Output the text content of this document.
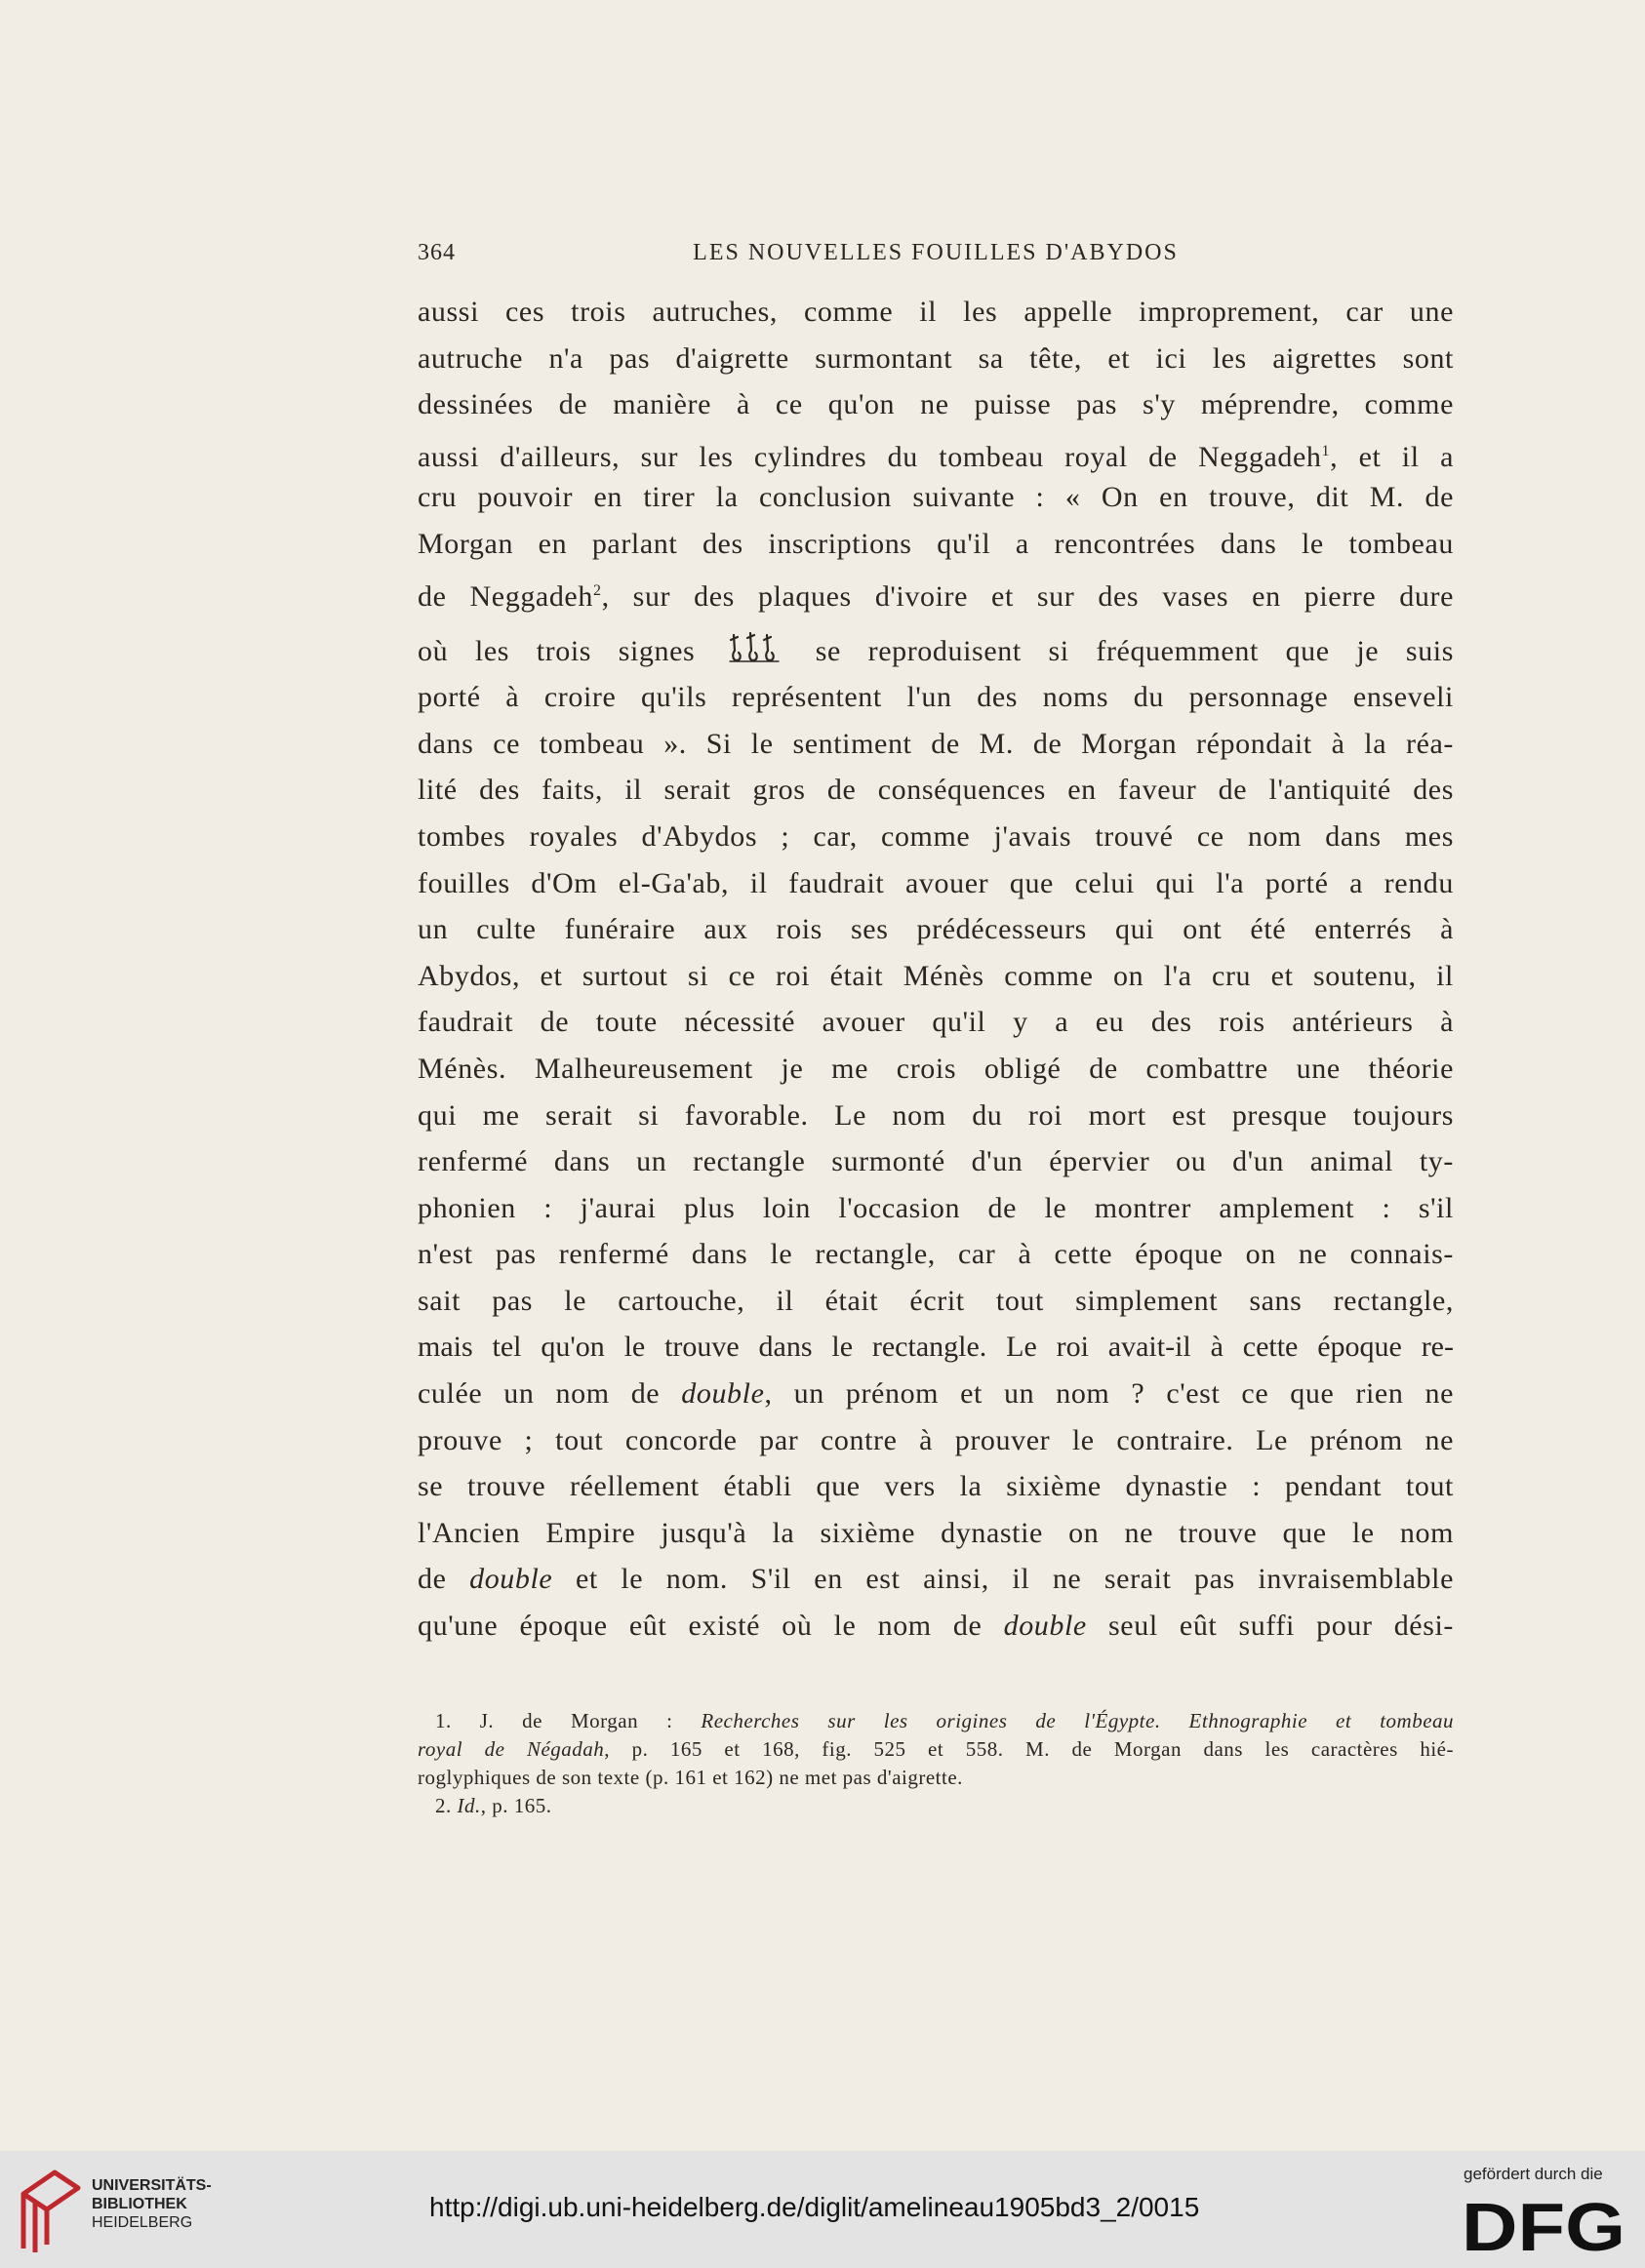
364	LES NOUVELLES FOUILLES D'ABYDOS
aussi ces trois autruches, comme il les appelle improprement, car une
autruche n'a pas d'aigrette surmontant sa tête, et ici les aigrettes sont
dessinées de manière à ce qu'on ne puisse pas s'y méprendre, comme
aussi d'ailleurs, sur les cylindres du tombeau royal de Neggadeh$^1$, et il a
cru pouvoir en tirer la conclusion suivante : « On en trouve, dit M. de
Morgan en parlant des inscriptions qu'il a rencontrées dans le tombeau
de Neggadeh$^2$, sur des plaques d'ivoire et sur des vases en pierre dure
où les trois signes	se reproduisent si fréquemment que je suis
porté à croire qu'ils représentent l'un des noms du personnage enseveli
dans ce tombeau ». Si le sentiment de M. de Morgan répondait à la réa-
lité des faits, il serait gros de conséquences en faveur de l'antiquité des
tombes royales d'Abydos ; car, comme j'avais trouvé ce nom dans mes
fouilles d'Om el-Ga'ab, il faudrait avouer que celui qui l'a porté a rendu
un culte funéraire aux rois ses prédécesseurs qui ont été enterrés à
Abydos, et surtout si ce roi était Ménès comme on l'a cru et soutenu, il
faudrait de toute nécessité avouer qu'il y a eu des rois antérieurs à
Ménès. Malheureusement je me crois obligé de combattre une théorie
qui me serait si favorable. Le nom du roi mort est presque toujours
renfermé dans un rectangle surmonté d'un épervier ou d'un animal ty-
phonien : j'aurai plus loin l'occasion de le montrer amplement : s'il
n'est pas renfermé dans le rectangle, car à cette époque on ne connais-
sait pas le cartouche, il était écrit tout simplement sans rectangle,
mais tel qu'on le trouve dans le rectangle. Le roi avait-il à cette époque re-
culée un nom de double, un prénom et un nom ? c'est ce que rien ne
prouve ; tout concorde par contre à prouver le contraire. Le prénom ne
se trouve réellement établi que vers la sixième dynastie : pendant tout
l'Ancien Empire jusqu'à la sixième dynastie on ne trouve que le nom
de double et le nom. S'il en est ainsi, il ne serait pas invraisemblable
qu'une époque eût existé où le nom de double seul eût suffi pour dési-
1. J. de Morgan : Recherches sur les origines de l'Égypte. Ethnographie et tombeau
royal de Négadah, p. 165 et 168, fig. 525 et 558. M. de Morgan dans les caractères hié-
roglyphiques de son texte (p. 161 et 162) ne met pas d'aigrette.
2. Id., p. 165.
UNIVERSITÄTS-
BIBLIOTHEK
HEIDELBERG
http://digi.ub.uni-heidelberg.de/diglit/amelineau1905bd3_2/0015
gefördert durch die
DFG
